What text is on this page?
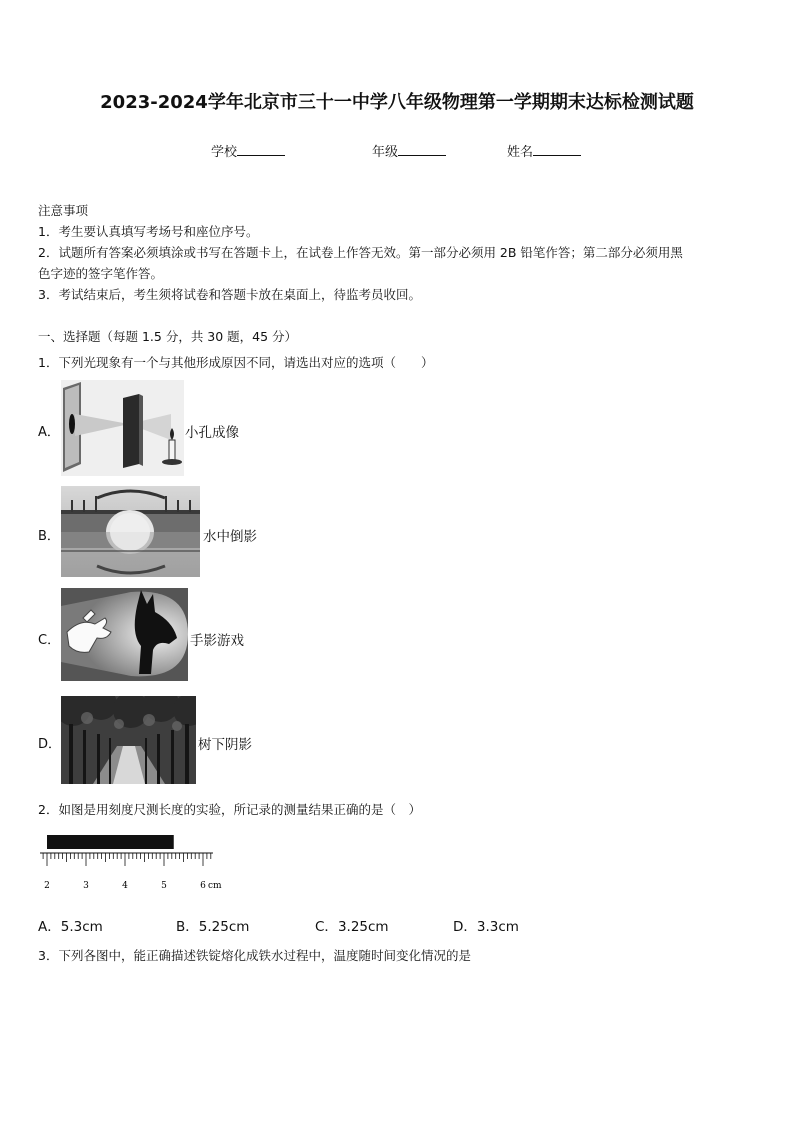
2023-2024学年北京市三十一中学八年级物理第一学期期末达标检测试题
学校	年级	姓名
注意事项
1．考生要认真填写考场号和座位序号。
2．试题所有答案必须填涂或书写在答题卡上，在试卷上作答无效。第一部分必须用 2B 铅笔作答；第二部分必须用黑
色字迹的签字笔作答。
3．考试结束后，考生须将试卷和答题卡放在桌面上，待监考员收回。
一、选择题（每题 1.5 分，共 30 题，45 分）
1．下列光现象有一个与其他形成原因不同，请选出对应的选项（　　）
A．	小孔成像
B．	水中倒影
C．	手影游戏
D．	树下阴影
2．如图是用刻度尺测长度的实验，所记录的测量结果正确的是（　）
2	3	4	5	6 cm
A．5.3cm	B．5.25cm	C．3.25cm	D．3.3cm
3．下列各图中，能正确描述铁锭熔化成铁水过程中，温度随时间变化情况的是
